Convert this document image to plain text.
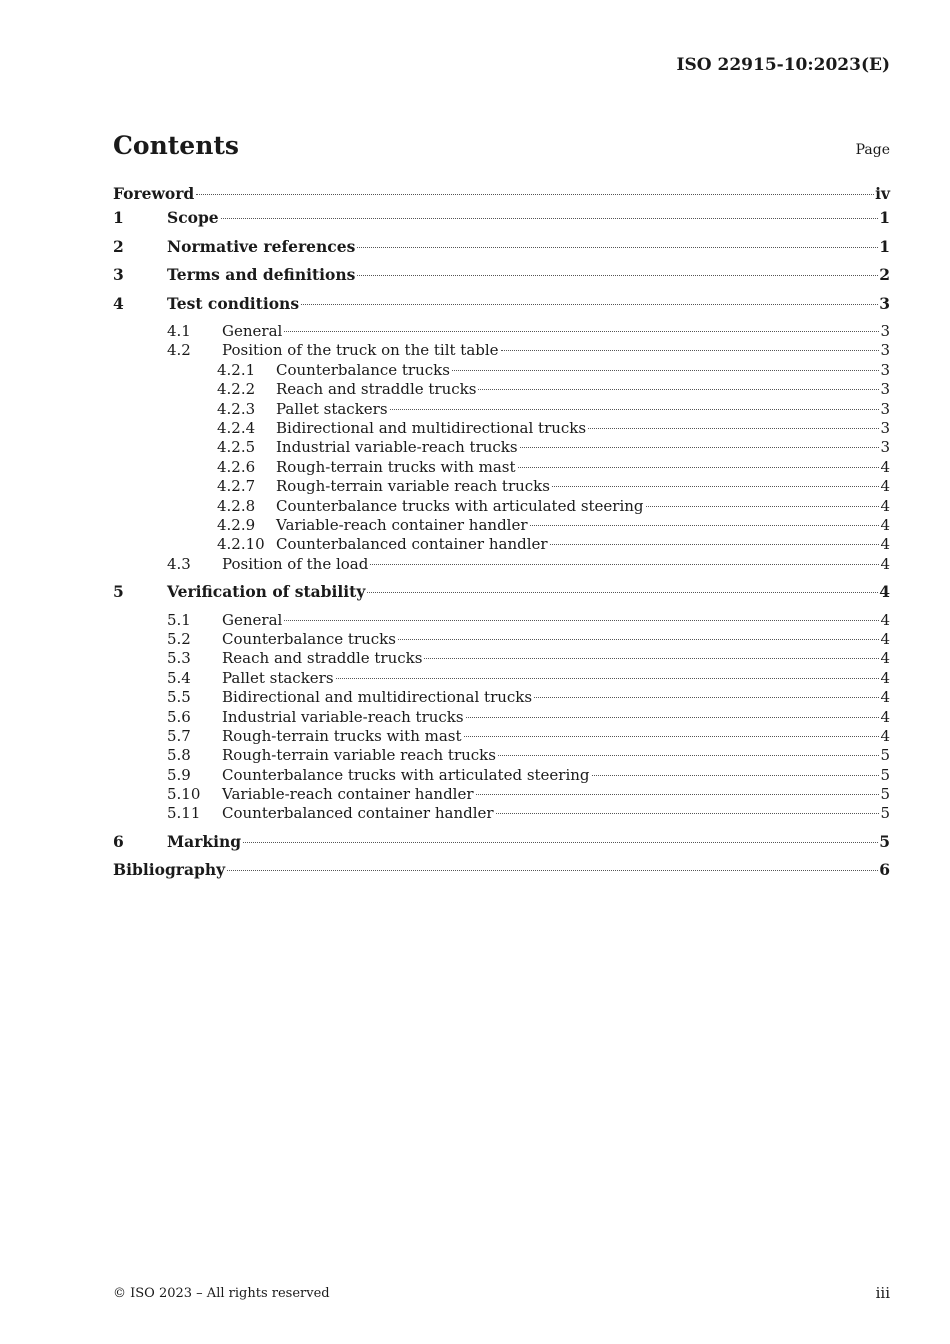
ISO 22915-10:2023(E)
Contents	Page
Foreword	iv
1	Scope	1
2	Normative references	1
3	Terms and definitions	2
4	Test conditions	3
4.1	General	3
4.2	Position of the truck on the tilt table	3
4.2.1	Counterbalance trucks	3
4.2.2	Reach and straddle trucks	3
4.2.3	Pallet stackers	3
4.2.4	Bidirectional and multidirectional trucks	3
4.2.5	Industrial variable-reach trucks	3
4.2.6	Rough-terrain trucks with mast	4
4.2.7	Rough-terrain variable reach trucks	4
4.2.8	Counterbalance trucks with articulated steering	4
4.2.9	Variable-reach container handler	4
4.2.10 Counterbalanced container handler	4
4.3	Position of the load	4
5	Verification of stability	4
5.1	General	4
5.2	Counterbalance trucks	4
5.3	Reach and straddle trucks	4
5.4	Pallet stackers	4
5.5	Bidirectional and multidirectional trucks	4
5.6	Industrial variable-reach trucks	4
5.7	Rough-terrain trucks with mast	4
5.8	Rough-terrain variable reach trucks	5
5.9	Counterbalance trucks with articulated steering	5
5.10	Variable-reach container handler	5
5.11	Counterbalanced container handler	5
6	Marking	5
Bibliography	6
© ISO 2023 – All rights reserved	iii
